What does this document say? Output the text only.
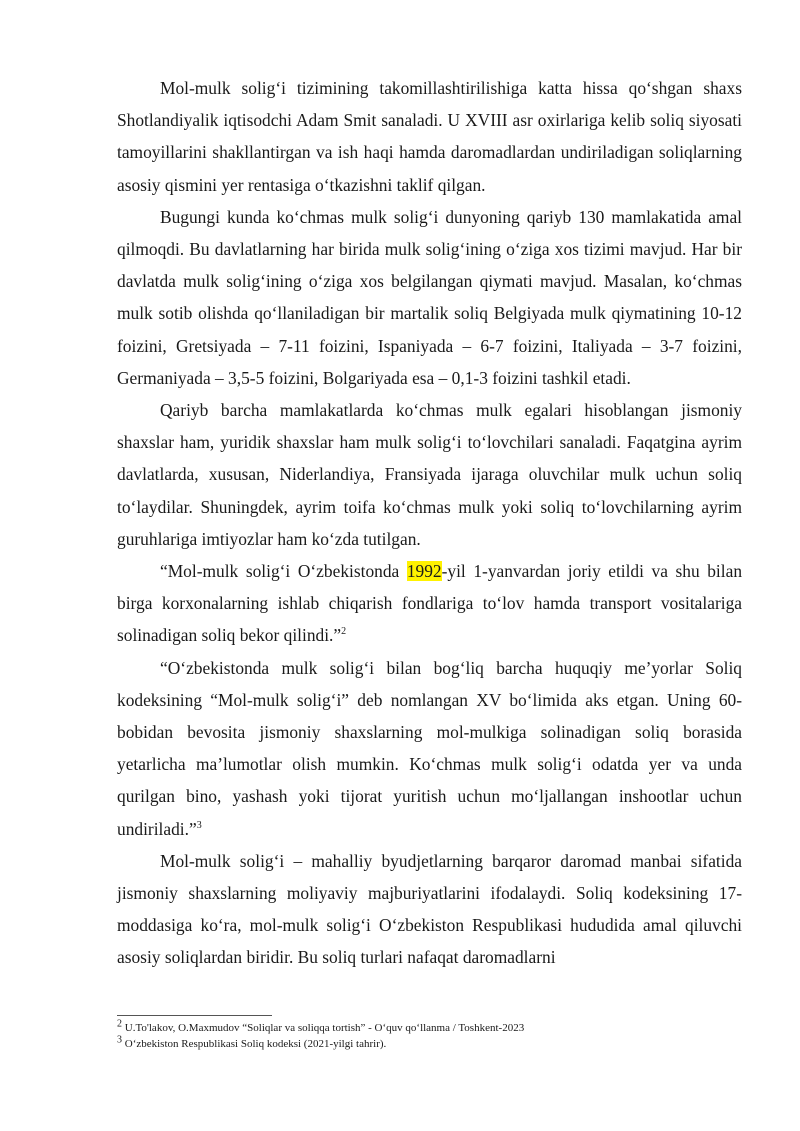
Mol-mulk solig‘i tizimining takomillashtirilishiga katta hissa qo‘shgan shaxs Shotlandiyalik iqtisodchi Adam Smit sanaladi. U XVIII asr oxirlariga kelib soliq siyosati tamoyillarini shakllantirgan va ish haqi hamda daromadlardan undiriladigan soliqlarning asosiy qismini yer rentasiga o‘tkazishni taklif qilgan.

Bugungi kunda ko‘chmas mulk solig‘i dunyoning qariyb 130 mamlakatida amal qilmoqdi. Bu davlatlarning har birida mulk solig‘ining o‘ziga xos tizimi mavjud. Har bir davlatda mulk solig‘ining o‘ziga xos belgilangan qiymati mavjud. Masalan, ko‘chmas mulk sotib olishda qo‘llaniladigan bir martalik soliq Belgiyada mulk qiymatining 10-12 foizini, Gretsiyada – 7-11 foizini, Ispaniyada – 6-7 foizini, Italiyada – 3-7 foizini, Germaniyada – 3,5-5 foizini, Bolgariyada esa – 0,1-3 foizini tashkil etadi.

Qariyb barcha mamlakatlarda ko‘chmas mulk egalari hisoblangan jismoniy shaxslar ham, yuridik shaxslar ham mulk solig‘i to‘lovchilari sanaladi. Faqatgina ayrim davlatlarda, xususan, Niderlandiya, Fransiyada ijaraga oluvchilar mulk uchun soliq to‘laydilar. Shuningdek, ayrim toifa ko‘chmas mulk yoki soliq to‘lovchilarning ayrim guruhlariga imtiyozlar ham ko‘zda tutilgan.

“Mol-mulk solig‘i O‘zbekistonda 1992-yil 1-yanvardan joriy etildi va shu bilan birga korxonalarning ishlab chiqarish fondlariga to‘lov hamda transport vositalariga solinadigan soliq bekor qilindi.”$^2$

“O‘zbekistonda mulk solig‘i bilan bog‘liq barcha huquqiy me’yorlar Soliq kodeksining “Mol-mulk solig‘i” deb nomlangan XV bo‘limida aks etgan. Uning 60-bobidan bevosita jismoniy shaxslarning mol-mulkiga solinadigan soliq borasida yetarlicha ma’lumotlar olish mumkin. Ko‘chmas mulk solig‘i odatda yer va unda qurilgan bino, yashash yoki tijorat yuritish uchun mo‘ljallangan inshootlar uchun undiriladi.”$^3$

Mol-mulk solig‘i – mahalliy byudjetlarning barqaror daromad manbai sifatida jismoniy shaxslarning moliyaviy majburiyatlarini ifodalaydi. Soliq kodeksining 17-moddasiga ko‘ra, mol-mulk solig‘i O‘zbekiston Respublikasi hududida amal qiluvchi asosiy soliqlardan biridir. Bu soliq turlari nafaqat daromadlarni

$^2$ U.To'lakov, O.Maxmudov “Soliqlar va soliqqa tortish” - O‘quv qo‘llanma / Toshkent-2023
$^3$ O‘zbekiston Respublikasi Soliq kodeksi (2021-yilgi tahrir).
